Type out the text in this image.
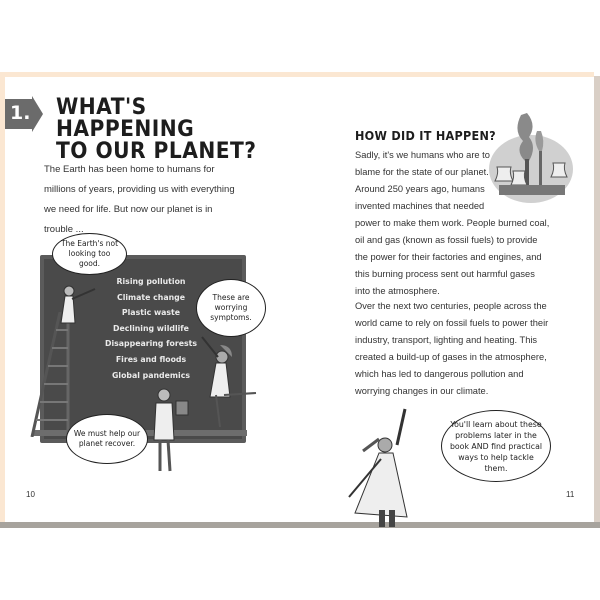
1. WHAT'S HAPPENING
TO OUR PLANET?
The Earth has been home to humans for millions of years, providing us with everything we need for life. But now our planet is in trouble ...
Rising pollution
Climate change
Plastic waste
Declining wildlife
Disappearing forests
Fires and floods
Global pandemics
The Earth's not looking too good.
These are worrying symptoms.
We must help our planet recover.
10
HOW DID IT HAPPEN?
Sadly, it's we humans who are to blame for the state of our planet. Around 250 years ago, humans invented machines that needed
power to make them work. People burned coal, oil and gas (known as fossil fuels) to provide the power for their factories and engines, and this burning process sent out harmful gases into the atmosphere.
Over the next two centuries, people across the world came to rely on fossil fuels to power their industry, transport, lighting and heating. This created a build-up of gases in the atmosphere, which has led to dangerous pollution and worrying changes in our climate.
You'll learn about these problems later in the book AND find practical ways to help tackle them.
11
